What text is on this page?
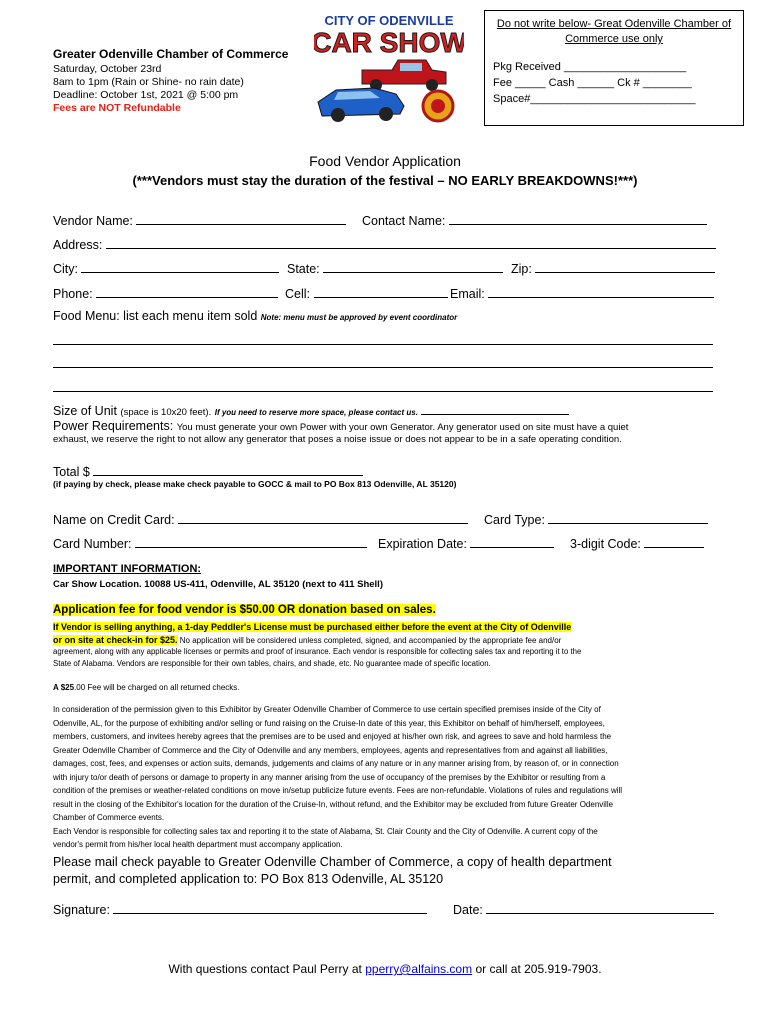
Greater Odenville Chamber of Commerce
Saturday, October 23rd
8am to 1pm (Rain or Shine- no rain date)
Deadline: October 1st, 2021 @ 5:00 pm
Fees are NOT Refundable
CITY OF ODENVILLE
CAR SHOW
Do not write below- Great Odenville Chamber of Commerce use only
Pkg Received ____________________
Fee _____ Cash ______ Ck # ________
Space#___________________________
Food Vendor Application
(***Vendors must stay the duration of the festival – NO EARLY BREAKDOWNS!***)
Vendor Name:	Contact Name:
Address:
City:	State:	Zip:
Phone:	Cell:	Email:
Food Menu: list each menu item sold Note: menu must be approved by event coordinator
Size of Unit (space is 10x20 feet). If you need to reserve more space, please contact us.
Power Requirements: You must generate your own Power with your own Generator. Any generator used on site must have a quiet
exhaust, we reserve the right to not allow any generator that poses a noise issue or does not appear to be in a safe operating condition.
Total $
(if paying by check, please make check payable to GOCC & mail to PO Box 813 Odenville, AL 35120)
Name on Credit Card:	Card Type:
Card Number:	Expiration Date:	3-digit Code:
IMPORTANT INFORMATION:
Car Show Location. 10088 US-411, Odenville, AL 35120 (next to 411 Shell)
Application fee for food vendor is $50.00 OR donation based on sales.
If Vendor is selling anything, a 1-day Peddler's License must be purchased either before the event at the City of Odenville
or on site at check-in for $25. No application will be considered unless completed, signed, and accompanied by the appropriate fee and/or
agreement, along with any applicable licenses or permits and proof of insurance. Each vendor is responsible for collecting sales tax and reporting it to the
State of Alabama. Vendors are responsible for their own tables, chairs, and shade, etc. No guarantee made of specific location.
A $25.00 Fee will be charged on all returned checks.
In consideration of the permission given to this Exhibitor by Greater Odenville Chamber of Commerce to use certain specified premises inside of the City of
Odenville, AL, for the purpose of exhibiting and/or selling or fund raising on the Cruise-In date of this year, this Exhibitor on behalf of him/herself, employees,
members, customers, and invitees hereby agrees that the premises are to be used and enjoyed at his/her own risk, and agrees to save and hold harmless the
Greater Odenville Chamber of Commerce and the City of Odenville and any members, employees, agents and representatives from and against all liabilities,
damages, cost, fees, and expenses or action suits, demands, judgements and claims of any nature or in any manner arising from, by reason of, or in connection
with injury to/or death of persons or damage to property in any manner arising from the use of occupancy of the premises by the Exhibitor or resulting from a
condition of the premises or weather-related conditions on move in/setup publicize future events. Fees are non-refundable. Violations of rules and regulations will
result in the closing of the Exhibitor's location for the duration of the Cruise-In, without refund, and the Exhibitor may be excluded from future Greater Odenville
Chamber of Commerce events.
Each Vendor is responsible for collecting sales tax and reporting it to the state of Alabama, St. Clair County and the City of Odenville. A current copy of the
vendor's permit from his/her local health department must accompany application.
Please mail check payable to Greater Odenville Chamber of Commerce, a copy of health department
permit, and completed application to: PO Box 813 Odenville, AL 35120
Signature:	Date:
With questions contact Paul Perry at pperry@alfains.com or call at 205.919-7903.
